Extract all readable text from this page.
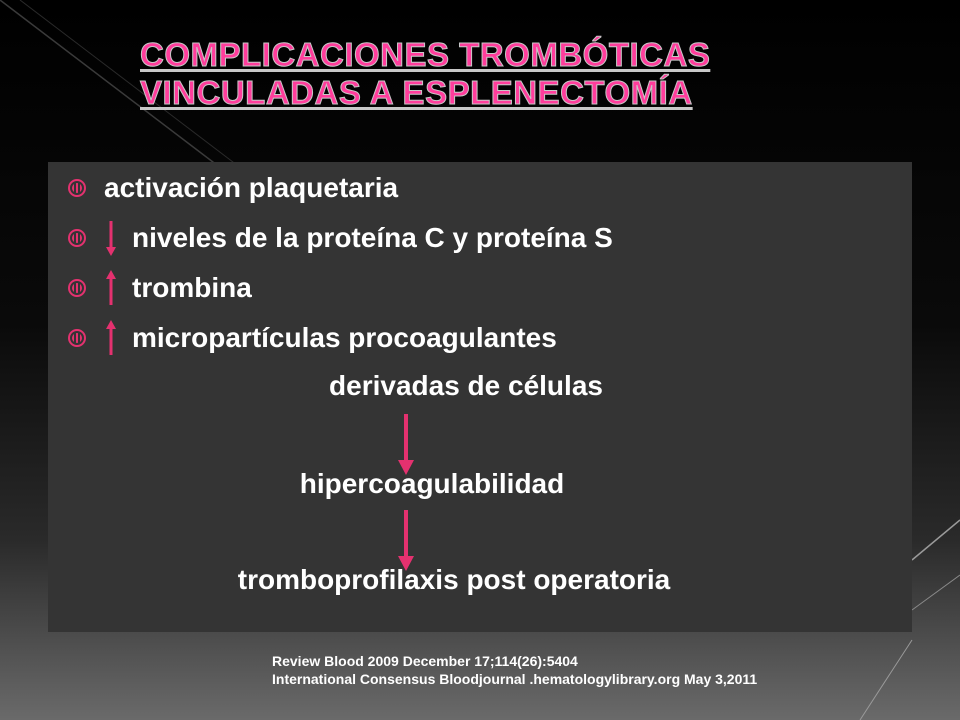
COMPLICACIONES TROMBÓTICAS
VINCULADAS A ESPLENECTOMÍA
activación plaquetaria
niveles de la proteína C y proteína S
trombina
micropartículas procoagulantes
derivadas de células
hipercoagulabilidad
tromboprofilaxis post operatoria
Review Blood 2009 December 17;114(26):5404
International Consensus Bloodjournal .hematologylibrary.org May 3,2011
